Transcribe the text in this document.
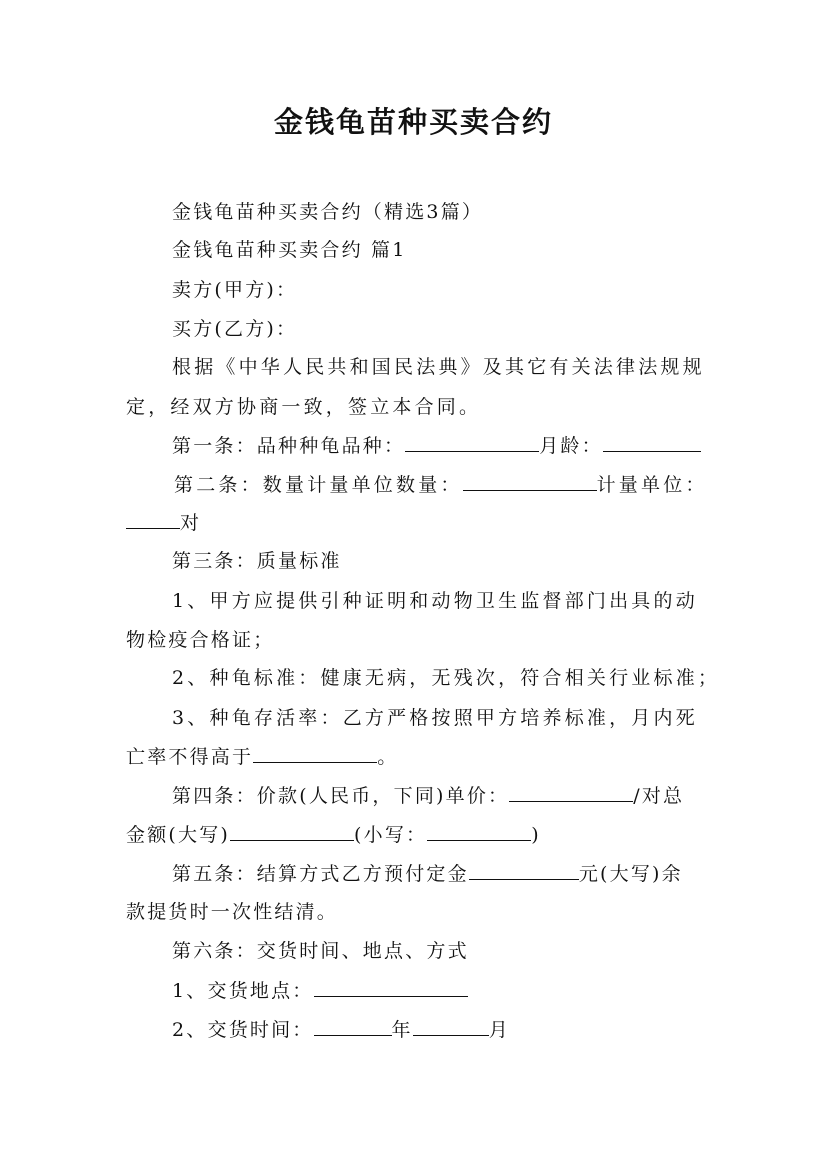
金钱龟苗种买卖合约
金钱龟苗种买卖合约（精选3篇）
金钱龟苗种买卖合约 篇1
卖方(甲方)：
买方(乙方)：
根据《中华人民共和国民法典》及其它有关法律法规规
定，经双方协商一致，签立本合同。
第一条：品种种龟品种：	月龄：
第二条：数量计量单位数量：	计量单位：
对
第三条：质量标准
1、甲方应提供引种证明和动物卫生监督部门出具的动
物检疫合格证；
2、种龟标准：健康无病，无残次，符合相关行业标准；
3、种龟存活率：乙方严格按照甲方培养标准，月内死
亡率不得高于	。
第四条：价款(人民币，下同)单价：	/对总
金额(大写)	(小写：	)
第五条：结算方式乙方预付定金	元(大写)余
款提货时一次性结清。
第六条：交货时间、地点、方式
1、交货地点：
2、交货时间：	年	月
